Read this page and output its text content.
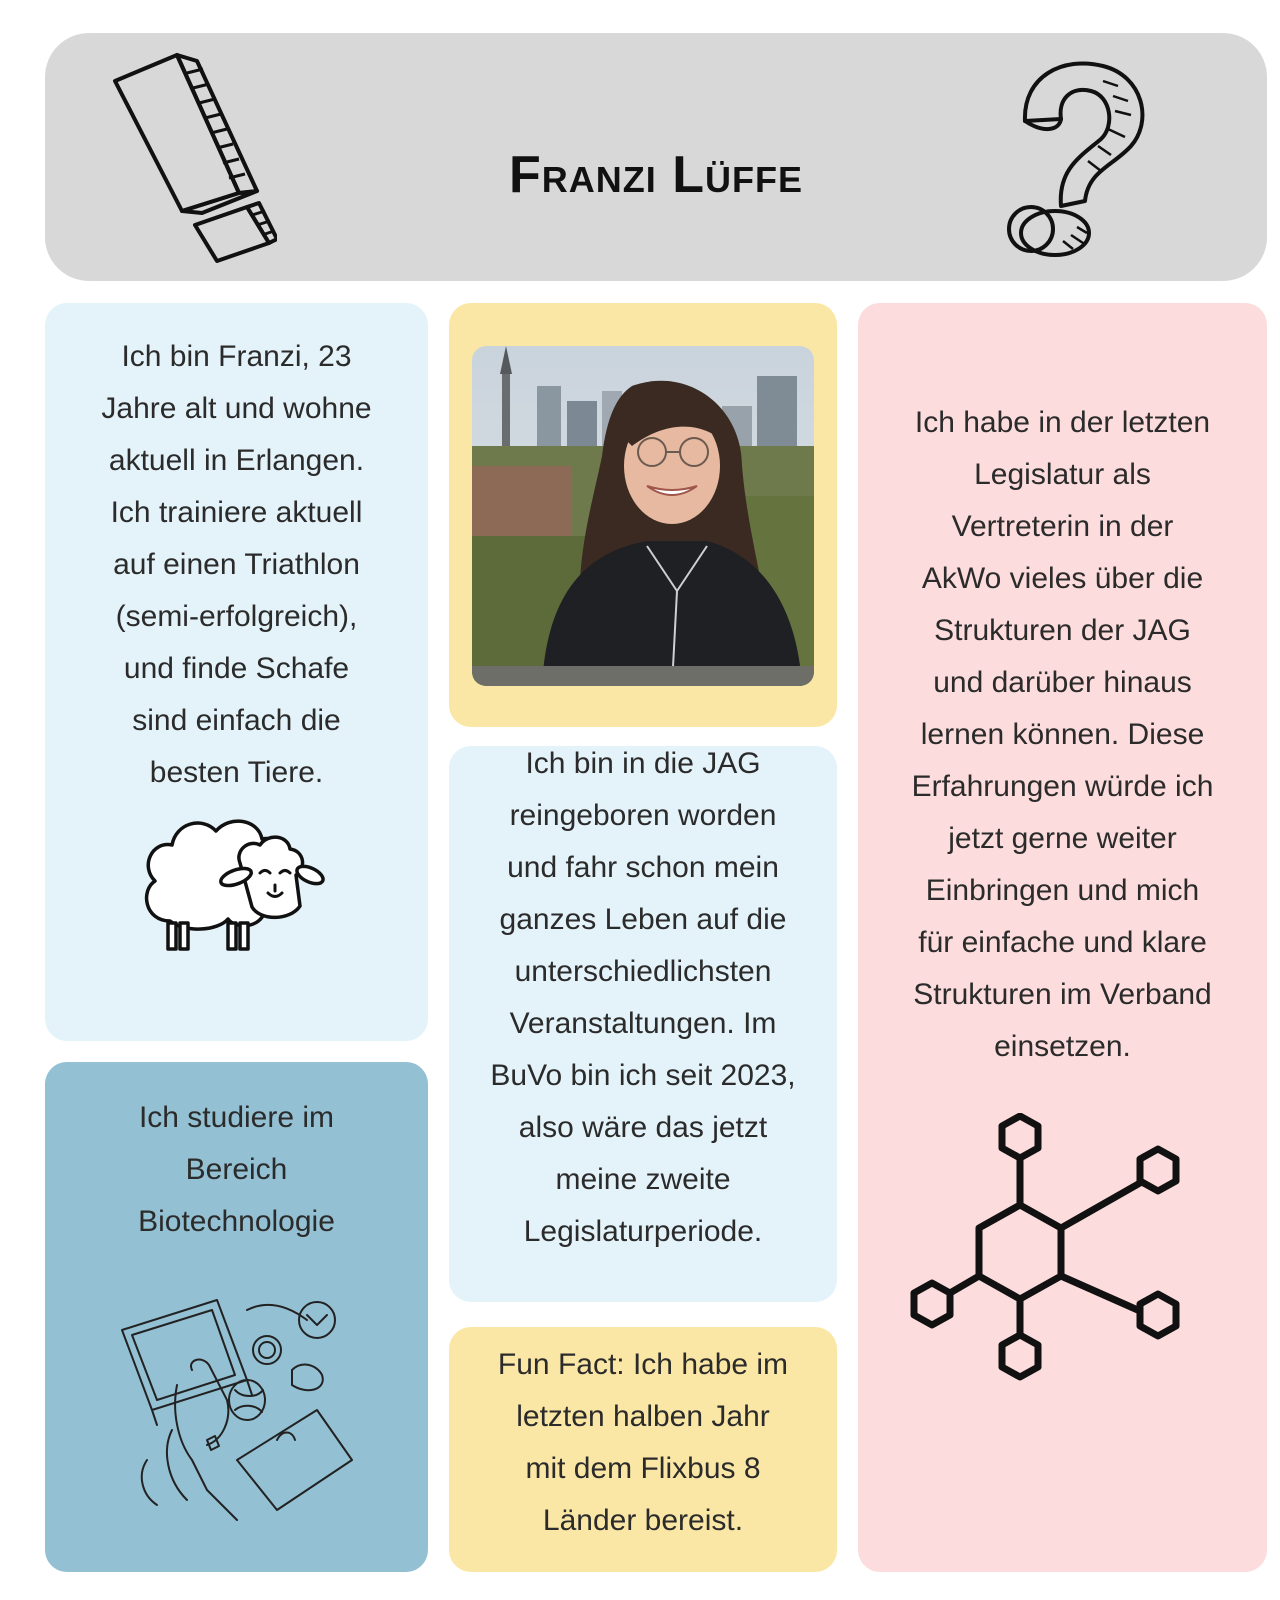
Franzi Lüffe
Ich bin Franzi, 23
Jahre alt und wohne
aktuell in Erlangen.
Ich trainiere aktuell
auf einen Triathlon
(semi-erfolgreich),
und finde Schafe
sind einfach die
besten Tiere.
Ich studiere im
Bereich
Biotechnologie
Ich bin in die JAG
reingeboren worden
und fahr schon mein
ganzes Leben auf die
unterschiedlichsten
Veranstaltungen. Im
BuVo bin ich seit 2023,
also wäre das jetzt
meine zweite
Legislaturperiode.
Fun Fact: Ich habe im
letzten halben Jahr
mit dem Flixbus 8
Länder bereist.
Ich habe in der letzten
Legislatur als
Vertreterin in der
AkWo vieles über die
Strukturen der JAG
und darüber hinaus
lernen können. Diese
Erfahrungen würde ich
jetzt gerne weiter
Einbringen und mich
für einfache und klare
Strukturen im Verband
einsetzen.
